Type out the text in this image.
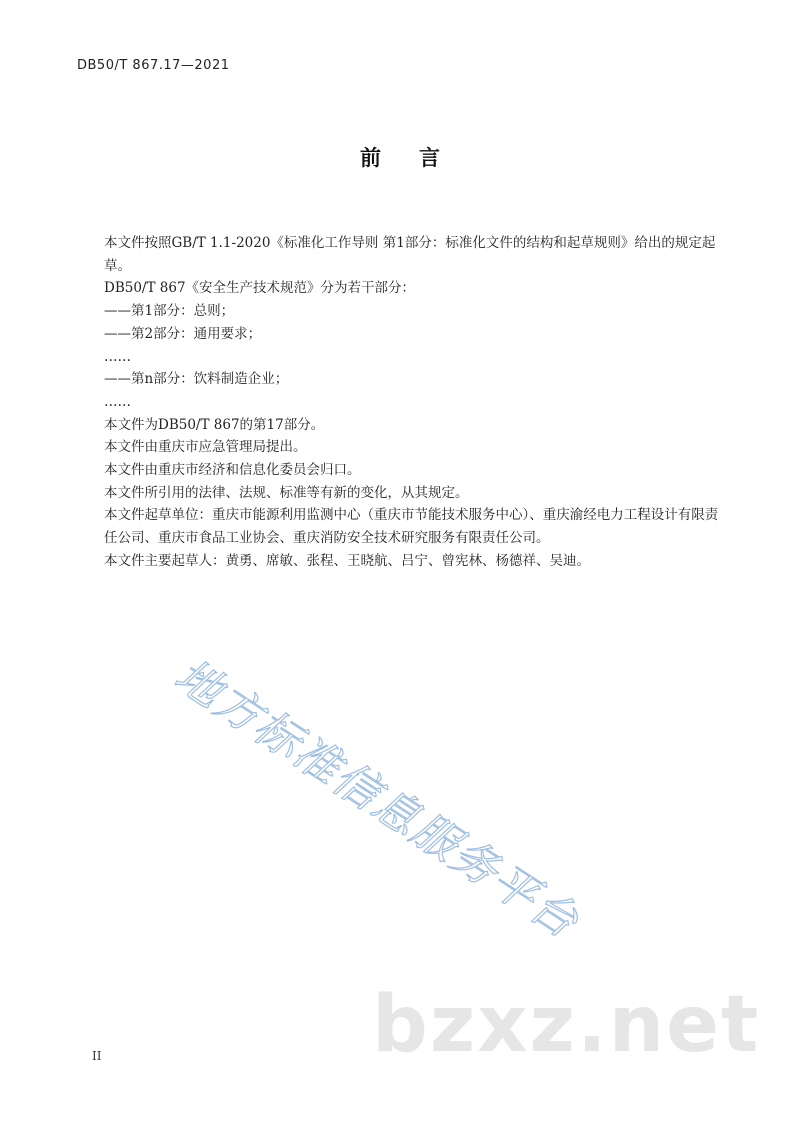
DB50/T 867.17—2021
前言

本文件按照GB/T 1.1-2020《标准化工作导则 第1部分：标准化文件的结构和起草规则》给出的规定起草。

DB50/T 867《安全生产技术规范》分为若干部分：

——第1部分：总则；

——第2部分：通用要求；

……

——第n部分：饮料制造企业；

……

本文件为DB50/T 867的第17部分。

本文件由重庆市应急管理局提出。

本文件由重庆市经济和信息化委员会归口。

本文件所引用的法律、法规、标准等有新的变化，从其规定。

本文件起草单位：重庆市能源利用监测中心（重庆市节能技术服务中心）、重庆渝经电力工程设计有限责任公司、重庆市食品工业协会、重庆消防安全技术研究服务有限责任公司。

本文件主要起草人：黄勇、席敏、张程、王晓航、吕宁、曾宪林、杨德祥、吴迪。

地方标准信息服务平台
bzxz.net
II
